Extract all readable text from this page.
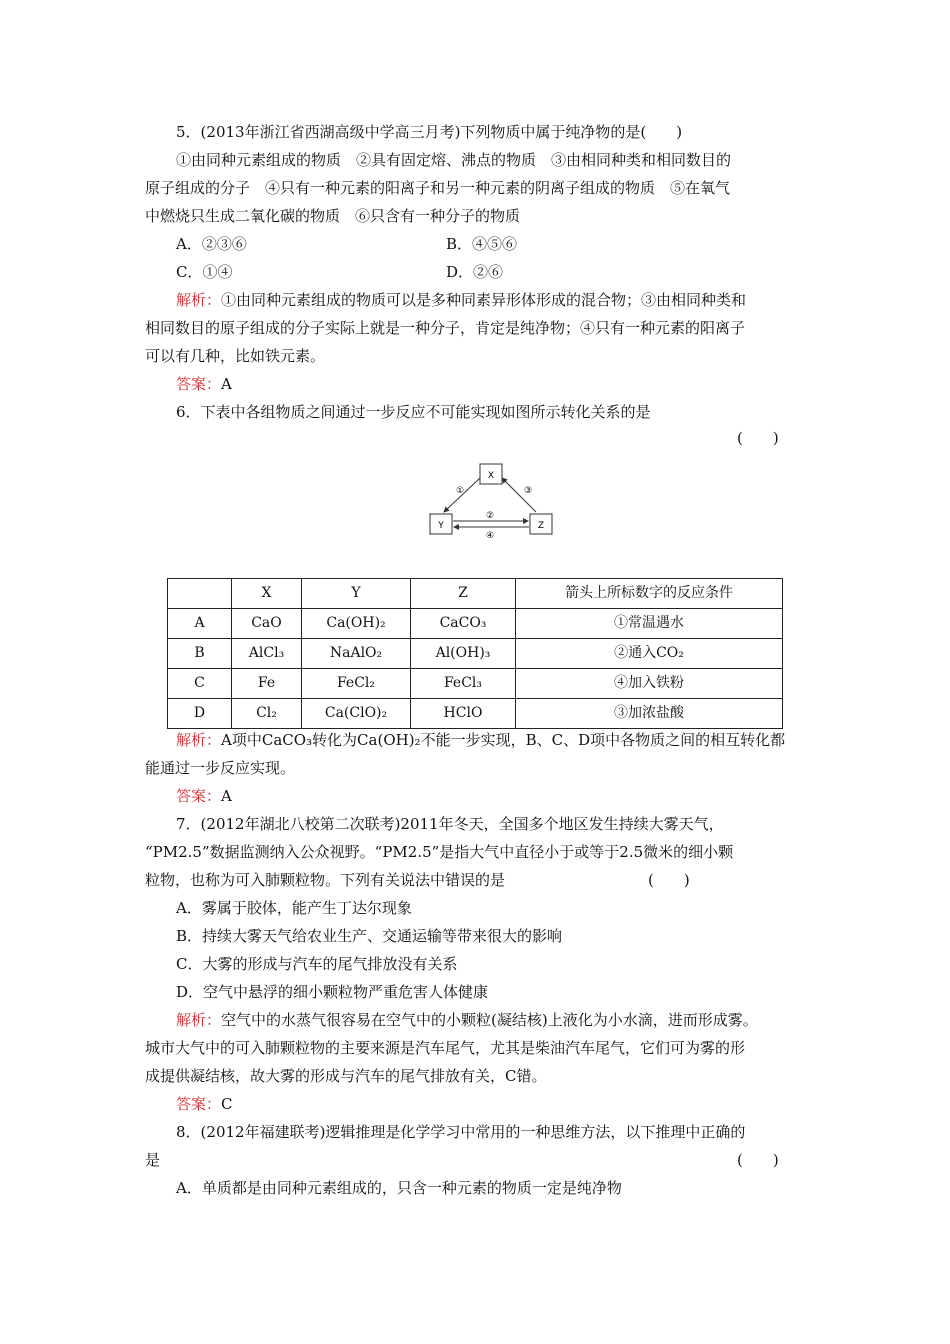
5．(2013年浙江省西湖高级中学高三月考)下列物质中属于纯净物的是(　　)
①由同种元素组成的物质　②具有固定熔、沸点的物质　③由相同种类和相同数目的
原子组成的分子　④只有一种元素的阳离子和另一种元素的阴离子组成的物质　⑤在氧气
中燃烧只生成二氧化碳的物质　⑥只含有一种分子的物质
A．②③⑥	B．④⑤⑥
C．①④	D．②⑥
解析：①由同种元素组成的物质可以是多种同素异形体形成的混合物；③由相同种类和
相同数目的原子组成的分子实际上就是一种分子，肯定是纯净物；④只有一种元素的阳离子
可以有几种，比如铁元素。
答案：A
6．下表中各组物质之间通过一步反应不可能实现如图所示转化关系的是
(　　)
X
Y	Z
①	③
②
④
	X	Y	Z	箭头上所标数字的反应条件
A	CaO	Ca(OH)₂	CaCO₃	①常温遇水
B	AlCl₃	NaAlO₂	Al(OH)₃	②通入CO₂
C	Fe	FeCl₂	FeCl₃	④加入铁粉
D	Cl₂	Ca(ClO)₂	HClO	③加浓盐酸
解析：A项中CaCO₃转化为Ca(OH)₂不能一步实现，B、C、D项中各物质之间的相互转化都
能通过一步反应实现。
答案：A
7．(2012年湖北八校第二次联考)2011年冬天，全国多个地区发生持续大雾天气，
“PM2.5”数据监测纳入公众视野。“PM2.5”是指大气中直径小于或等于2.5微米的细小颗
粒物，也称为可入肺颗粒物。下列有关说法中错误的是	(　　)
A．雾属于胶体，能产生丁达尔现象
B．持续大雾天气给农业生产、交通运输等带来很大的影响
C．大雾的形成与汽车的尾气排放没有关系
D．空气中悬浮的细小颗粒物严重危害人体健康
解析：空气中的水蒸气很容易在空气中的小颗粒(凝结核)上液化为小水滴，进而形成雾。
城市大气中的可入肺颗粒物的主要来源是汽车尾气，尤其是柴油汽车尾气，它们可为雾的形
成提供凝结核，故大雾的形成与汽车的尾气排放有关，C错。
答案：C
8．(2012年福建联考)逻辑推理是化学学习中常用的一种思维方法，以下推理中正确的
是	(　　)
A．单质都是由同种元素组成的，只含一种元素的物质一定是纯净物
